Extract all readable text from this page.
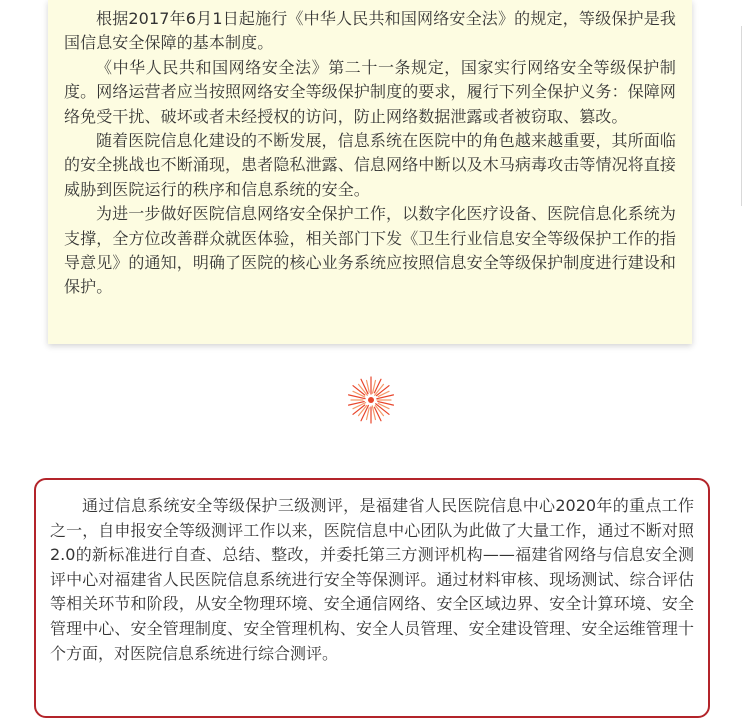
根据2017年6月1日起施行《中华人民共和国网络安全法》的规定，等级保护是我国信息安全保障的基本制度。

《中华人民共和国网络安全法》第二十一条规定，国家实行网络安全等级保护制度。网络运营者应当按照网络安全等级保护制度的要求，履行下列全保护义务：保障网络免受干扰、破坏或者未经授权的访问，防止网络数据泄露或者被窃取、篡改。

随着医院信息化建设的不断发展，信息系统在医院中的角色越来越重要，其所面临的安全挑战也不断涌现，患者隐私泄露、信息网络中断以及木马病毒攻击等情况将直接威胁到医院运行的秩序和信息系统的安全。

为进一步做好医院信息网络安全保护工作，以数字化医疗设备、医院信息化系统为支撑，全方位改善群众就医体验，相关部门下发《卫生行业信息安全等级保护工作的指导意见》的通知，明确了医院的核心业务系统应按照信息安全等级保护制度进行建设和保护。

通过信息系统安全等级保护三级测评，是福建省人民医院信息中心2020年的重点工作之一，自申报安全等级测评工作以来，医院信息中心团队为此做了大量工作，通过不断对照2.0的新标准进行自查、总结、整改，并委托第三方测评机构——福建省网络与信息安全测评中心对福建省人民医院信息系统进行安全等保测评。通过材料审核、现场测试、综合评估等相关环节和阶段，从安全物理环境、安全通信网络、安全区域边界、安全计算环境、安全管理中心、安全管理制度、安全管理机构、安全人员管理、安全建设管理、安全运维管理十个方面，对医院信息系统进行综合测评。
